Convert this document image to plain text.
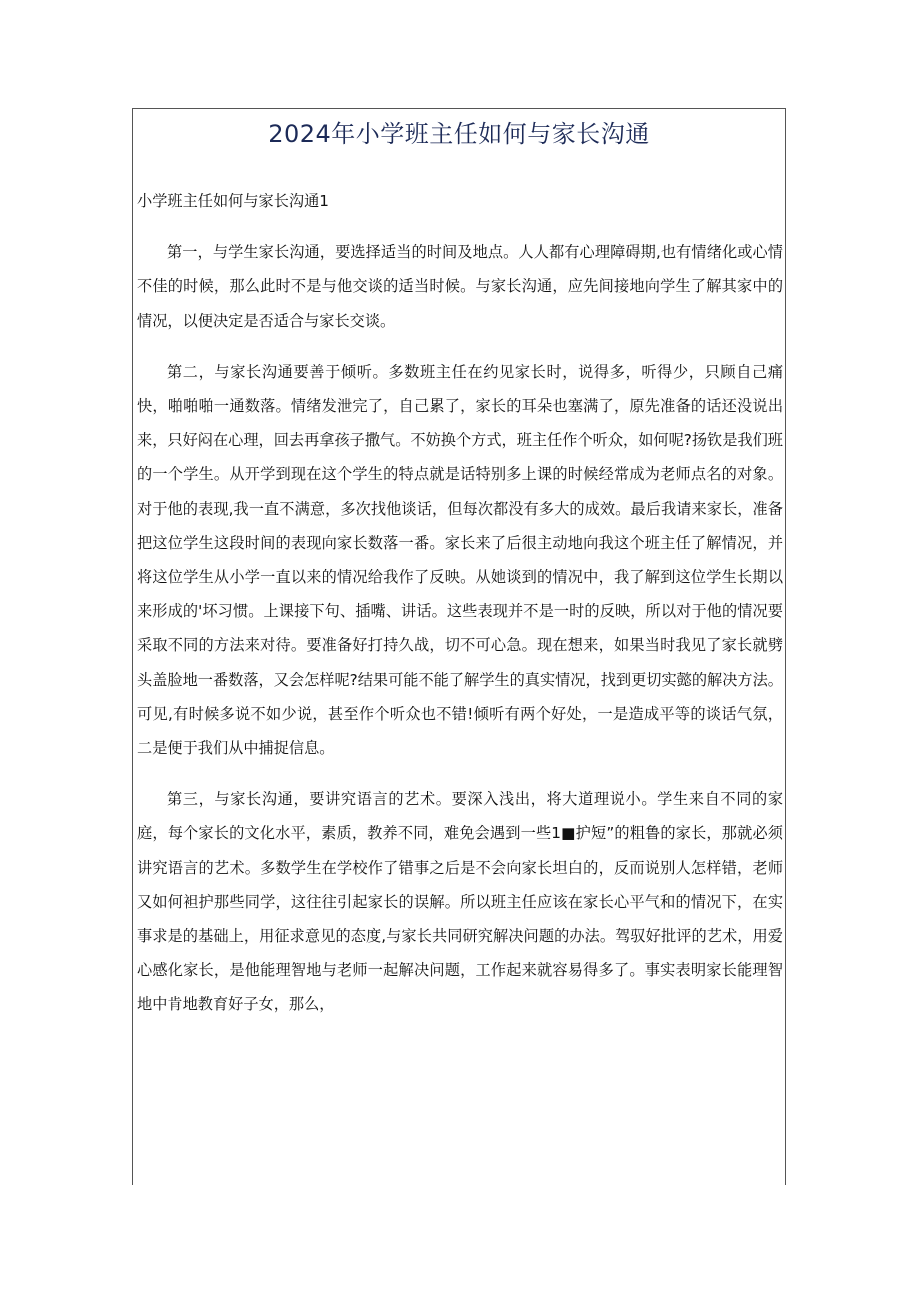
2024年小学班主任如何与家长沟通

小学班主任如何与家长沟通1

第一，与学生家长沟通，要选择适当的时间及地点。人人都有心理障碍期,也有情绪化或心情不佳的时候，那么此时不是与他交谈的适当时候。与家长沟通，应先间接地向学生了解其家中的情况，以便决定是否适合与家长交谈。

第二，与家长沟通要善于倾听。多数班主任在约见家长时，说得多，听得少，只顾自己痛快，啪啪啪一通数落。情绪发泄完了，自己累了，家长的耳朵也塞满了，原先准备的话还没说出来，只好闷在心理，回去再拿孩子撒气。不妨换个方式，班主任作个听众，如何呢?扬钦是我们班的一个学生。从开学到现在这个学生的特点就是话特别多上课的时候经常成为老师点名的对象。对于他的表现,我一直不满意，多次找他谈话，但每次都没有多大的成效。最后我请来家长，准备把这位学生这段时间的表现向家长数落一番。家长来了后很主动地向我这个班主任了解情况，并将这位学生从小学一直以来的情况给我作了反映。从她谈到的情况中，我了解到这位学生长期以来形成的'坏习惯。上课接下句、插嘴、讲话。这些表现并不是一时的反映，所以对于他的情况要采取不同的方法来对待。要准备好打持久战，切不可心急。现在想来，如果当时我见了家长就劈头盖脸地一番数落，又会怎样呢?结果可能不能了解学生的真实情况，找到更切实懿的解决方法。可见,有时候多说不如少说，甚至作个听众也不错!倾听有两个好处，一是造成平等的谈话气氛，二是便于我们从中捕捉信息。

第三，与家长沟通，要讲究语言的艺术。要深入浅出，将大道理说小。学生来自不同的家庭，每个家长的文化水平，素质，教养不同，难免会遇到一些1■护短”的粗鲁的家长，那就必须讲究语言的艺术。多数学生在学校作了错事之后是不会向家长坦白的，反而说别人怎样错，老师又如何袒护那些同学，这往往引起家长的误解。所以班主任应该在家长心平气和的情况下，在实事求是的基础上，用征求意见的态度,与家长共同研究解决问题的办法。驾驭好批评的艺术，用爱心感化家长，是他能理智地与老师一起解决问题，工作起来就容易得多了。事实表明家长能理智地中肯地教育好子女，那么，
